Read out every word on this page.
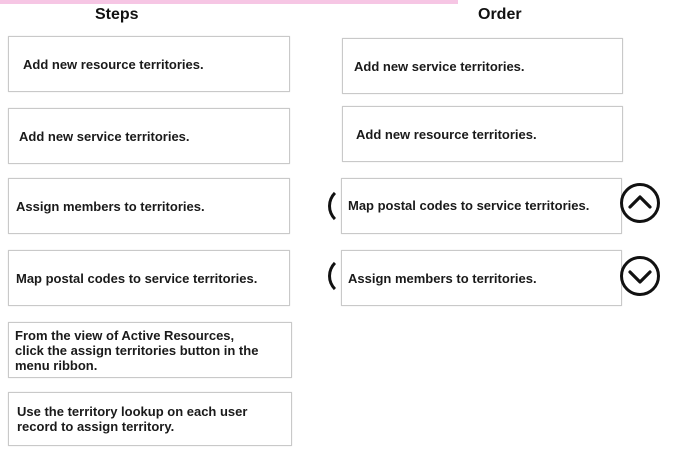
Steps	Order
Add new resource territories.
Add new service territories.
Assign members to territories.
Map postal codes to service territories.
From the view of Active Resources, click the assign territories button in the menu ribbon.
Use the territory lookup on each user record to assign territory.
Add new service territories.
Add new resource territories.
Map postal codes to service territories.
Assign members to territories.
